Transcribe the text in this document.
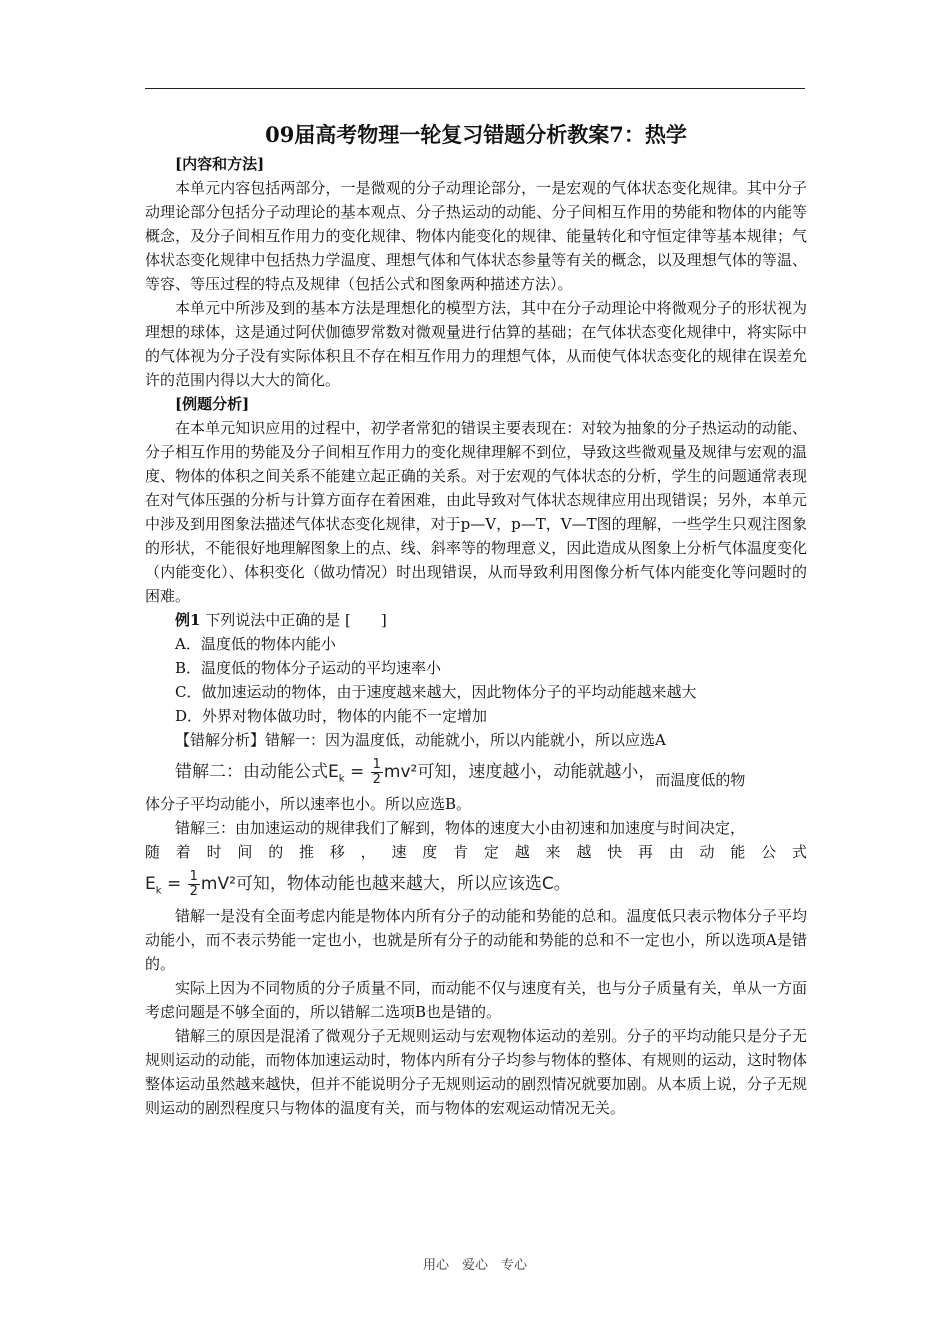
09届高考物理一轮复习错题分析教案7：热学
[内容和方法]

本单元内容包括两部分，一是微观的分子动理论部分，一是宏观的气体状态变化规律。其中分子动理论部分包括分子动理论的基本观点、分子热运动的动能、分子间相互作用的势能和物体的内能等概念，及分子间相互作用力的变化规律、物体内能变化的规律、能量转化和守恒定律等基本规律；气体状态变化规律中包括热力学温度、理想气体和气体状态参量等有关的概念，以及理想气体的等温、等容、等压过程的特点及规律（包括公式和图象两种描述方法）。

本单元中所涉及到的基本方法是理想化的模型方法，其中在分子动理论中将微观分子的形状视为理想的球体，这是通过阿伏伽德罗常数对微观量进行估算的基础；在气体状态变化规律中，将实际中的气体视为分子没有实际体积且不存在相互作用力的理想气体，从而使气体状态变化的规律在误差允许的范围内得以大大的简化。

[例题分析]

在本单元知识应用的过程中，初学者常犯的错误主要表现在：对较为抽象的分子热运动的动能、分子相互作用的势能及分子间相互作用力的变化规律理解不到位，导致这些微观量及规律与宏观的温度、物体的体积之间关系不能建立起正确的关系。对于宏观的气体状态的分析，学生的问题通常表现在对气体压强的分析与计算方面存在着困难，由此导致对气体状态规律应用出现错误；另外，本单元中涉及到用图象法描述气体状态变化规律，对于p—V，p—T，V—T图的理解，一些学生只观注图象的形状，不能很好地理解图象上的点、线、斜率等的物理意义，因此造成从图象上分析气体温度变化（内能变化）、体积变化（做功情况）时出现错误，从而导致利用图像分析气体内能变化等问题时的困难。

例1 下列说法中正确的是 [　　]

A．温度低的物体内能小

B．温度低的物体分子运动的平均速率小

C．做加速运动的物体，由于速度越来越大，因此物体分子的平均动能越来越大

D．外界对物体做功时，物体的内能不一定增加

【错解分析】错解一：因为温度低，动能就小，所以内能就小，所以应选A

错解二：由动能公式$E_k = \frac{1}{2} mv^2$可知，速度越小，动能就越小， 而温度低的物

体分子平均动能小，所以速率也小。所以应选B。

错解三：由加速运动的规律我们了解到，物体的速度大小由初速和加速度与时间决定，

随着时间的推移，速度肯定越来越快再由动能公式

$E_k = \frac{1}{2} mV^2$可知，物体动能也越来越大，所以应该选C。

错解一是没有全面考虑内能是物体内所有分子的动能和势能的总和。温度低只表示物体分子平均动能小，而不表示势能一定也小，也就是所有分子的动能和势能的总和不一定也小，所以选项A是错的。

实际上因为不同物质的分子质量不同，而动能不仅与速度有关，也与分子质量有关，单从一方面考虑问题是不够全面的，所以错解二选项B也是错的。

错解三的原因是混淆了微观分子无规则运动与宏观物体运动的差别。分子的平均动能只是分子无规则运动的动能，而物体加速运动时，物体内所有分子均参与物体的整体、有规则的运动，这时物体整体运动虽然越来越快，但并不能说明分子无规则运动的剧烈情况就要加剧。从本质上说，分子无规则运动的剧烈程度只与物体的温度有关，而与物体的宏观运动情况无关。

用心　爱心　专心
